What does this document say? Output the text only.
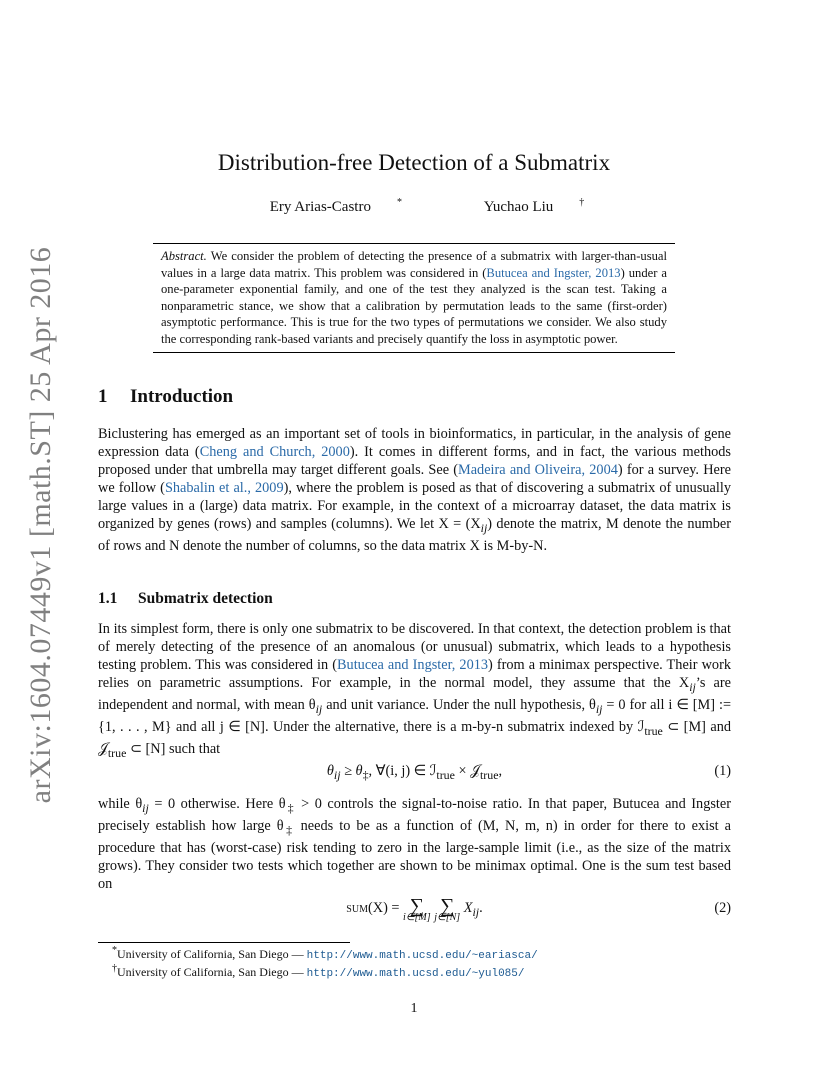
arXiv:1604.07449v1 [math.ST] 25 Apr 2016
Distribution-free Detection of a Submatrix
Ery Arias-Castro	*	Yuchao Liu	†
Abstract. We consider the problem of detecting the presence of a submatrix with larger-than-usual values in a large data matrix. This problem was considered in (Butucea and Ingster, 2013) under a one-parameter exponential family, and one of the test they analyzed is the scan test. Taking a nonparametric stance, we show that a calibration by permutation leads to the same (first-order) asymptotic performance. This is true for the two types of permutations we consider. We also study the corresponding rank-based variants and precisely quantify the loss in asymptotic power.
1 Introduction
Biclustering has emerged as an important set of tools in bioinformatics, in particular, in the analysis of gene expression data (Cheng and Church, 2000). It comes in different forms, and in fact, the various methods proposed under that umbrella may target different goals. See (Madeira and Oliveira, 2004) for a survey. Here we follow (Shabalin et al., 2009), where the problem is posed as that of discovering a submatrix of unusually large values in a (large) data matrix. For example, in the context of a microarray dataset, the data matrix is organized by genes (rows) and samples (columns). We let $X = (X_{ij})$ denote the matrix, M denote the number of rows and N denote the number of columns, so the data matrix X is M-by-N.
1.1 Submatrix detection
In its simplest form, there is only one submatrix to be discovered. In that context, the detection problem is that of merely detecting of the presence of an anomalous (or unusual) submatrix, which leads to a hypothesis testing problem. This was considered in (Butucea and Ingster, 2013) from a minimax perspective. Their work relies on parametric assumptions. For example, in the normal model, they assume that the $X_{ij}’s$ are independent and normal, with mean $\theta_{ij}$ and unit variance. Under the null hypothesis, $\theta_{ij} = 0$ for all i ∈ [M] := {1, . . . , M} and all j ∈ [N]. Under the alternative, there is a m-by-n submatrix indexed by ℐ$_{true}$ ⊂ [M] and 𝒥$_{true}$ ⊂ [N] such that
$\theta_{ij} \ge \theta_\ddagger$, ∀(i, j) ∈ ℐ$_{true}$ × 𝒥$_{true}$,	(1)
while $\theta_{ij} = 0$ otherwise. Here $\theta_\ddagger > 0$ controls the signal-to-noise ratio. In that paper, Butucea and Ingster precisely establish how large $\theta_\ddagger$ needs to be as a function of (M, N, m, n) in order for there to exist a procedure that has (worst-case) risk tending to zero in the large-sample limit (i.e., as the size of the matrix grows). They consider two tests which together are shown to be minimax optimal. One is the sum test based on
sum(X) = ∑
i∈[M]

∑
j∈[N]
$X_{ij}$.	(2)
*University of California, San Diego — http://www.math.ucsd.edu/~eariasca/
†University of California, San Diego — http://www.math.ucsd.edu/~yul085/
1
